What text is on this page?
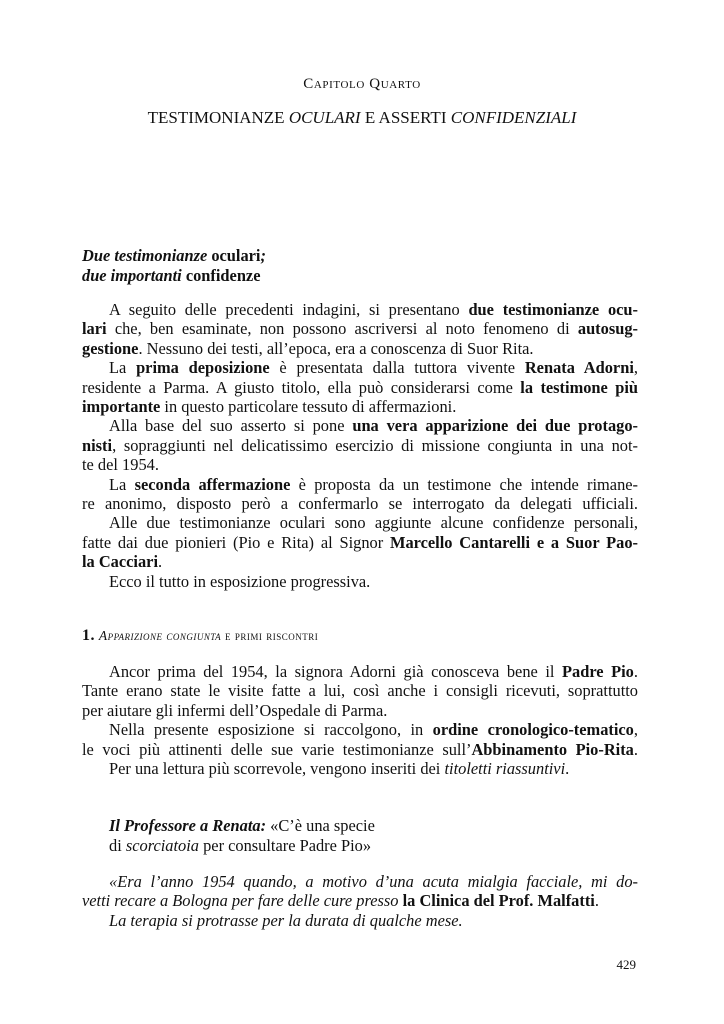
Capitolo Quarto
TESTIMONIANZE OCULARI E ASSERTI CONFIDENZIALI
Due testimonianze oculari;
due importanti confidenze
A seguito delle precedenti indagini, si presentano due testimonianze ocu-
lari che, ben esaminate, non possono ascriversi al noto fenomeno di autosug-
gestione. Nessuno dei testi, all’epoca, era a conoscenza di Suor Rita.
La prima deposizione è presentata dalla tuttora vivente Renata Adorni,
residente a Parma. A giusto titolo, ella può considerarsi come la testimone più
importante in questo particolare tessuto di affermazioni.
Alla base del suo asserto si pone una vera apparizione dei due protago-
nisti, sopraggiunti nel delicatissimo esercizio di missione congiunta in una not-
te del 1954.
La seconda affermazione è proposta da un testimone che intende rimane-
re anonimo, disposto però a confermarlo se interrogato da delegati ufficiali.
Alle due testimonianze oculari sono aggiunte alcune confidenze personali,
fatte dai due pionieri (Pio e Rita) al Signor Marcello Cantarelli e a Suor Pao-
la Cacciari.
Ecco il tutto in esposizione progressiva.
1. Apparizione congiunta e primi riscontri
Ancor prima del 1954, la signora Adorni già conosceva bene il Padre Pio.
Tante erano state le visite fatte a lui, così anche i consigli ricevuti, soprattutto
per aiutare gli infermi dell’Ospedale di Parma.
Nella presente esposizione si raccolgono, in ordine cronologico-tematico,
le voci più attinenti delle sue varie testimonianze sull’Abbinamento Pio-Rita.
Per una lettura più scorrevole, vengono inseriti dei titoletti riassuntivi.
Il Professore a Renata: «C’è una specie
di scorciatoia per consultare Padre Pio»
«Era l’anno 1954 quando, a motivo d’una acuta mialgia facciale, mi do-
vetti recare a Bologna per fare delle cure presso la Clinica del Prof. Malfatti.
La terapia si protrasse per la durata di qualche mese.
429
